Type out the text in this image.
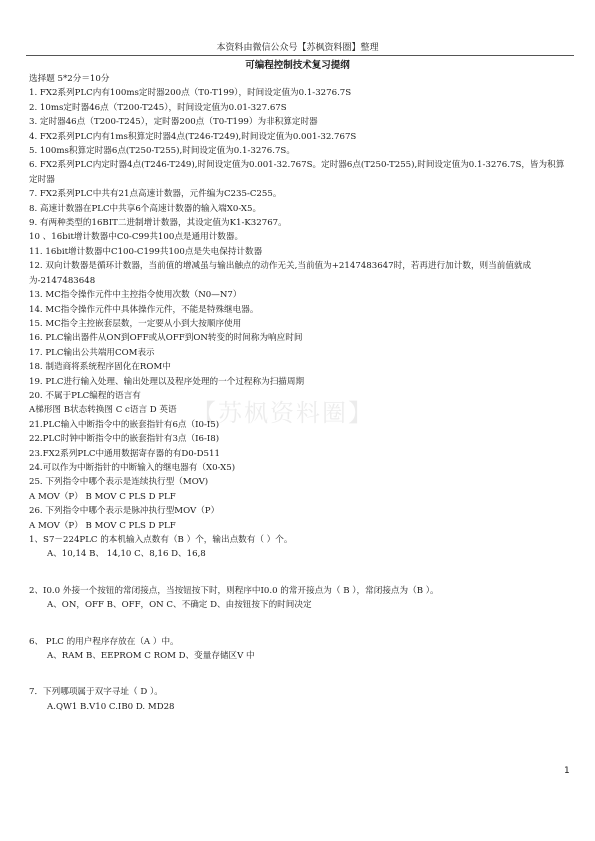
本资料由微信公众号【苏枫资料圈】整理
可编程控制技术复习提纲
【苏枫资料圈】
选择题 5*2分＝10分
1. FX2系列PLC内有100ms定时器200点（T0-T199），时间设定值为0.1-3276.7S
2. 10ms定时器46点（T200-T245），时间设定值为0.01-327.67S
3. 定时器46点（T200-T245），定时器200点（T0-T199）为非积算定时器
4. FX2系列PLC内有1ms积算定时器4点(T246-T249),时间设定值为0.001-32.767S
5. 100ms积算定时器6点(T250-T255),时间设定值为0.1-3276.7S。
6. FX2系列PLC内定时器4点(T246-T249),时间设定值为0.001-32.767S。定时器6点(T250-T255),时间设定值为0.1-3276.7S，皆为积算定时器
7. FX2系列PLC中共有21点高速计数器，元件编为C235-C255。
8. 高速计数器在PLC中共享6个高速计数器的输入端X0-X5。
9. 有两种类型的16BIT二进制增计数器，其设定值为K1-K32767。
10 、16bit增计数器中C0-C99共100点是通用计数器。
11. 16bit增计数器中C100-C199共100点是失电保持计数器
12. 双向计数器是循环计数器，当前值的增减虽与输出触点的动作无关,当前值为+2147483647时，若再进行加计数，则当前值就成为-2147483648
13. MC指令操作元件中主控指令使用次数（N0—N7）
14. MC指令操作元件中具体操作元件，不能是特殊继电器。
15. MC指令主控嵌套层数，一定要从小到大按顺序使用
16. PLC输出器件从ON到OFF或从OFF到ON转变的时间称为响应时间
17. PLC输出公共端用COM表示
18. 制造商将系统程序固化在ROM中
19. PLC进行输入处理、输出处理以及程序处理的一个过程称为扫描周期
20. 不属于PLC编程的语言有
A梯形图 B状态转换图 C c语言 D 英语
21.PLC输入中断指令中的嵌套指针有6点（I0-I5)
22.PLC时钟中断指令中的嵌套指针有3点（I6-I8)
23.FX2系列PLC中通用数据寄存器的有D0-D511
24.可以作为中断指针的中断输入的继电器有（X0-X5)
25. 下列指令中哪个表示是连续执行型（MOV)
A MOV（P） B MOV C PLS D PLF
26. 下列指令中哪个表示是脉冲执行型MOV（P）
A MOV（P） B MOV C PLS D PLF
1、S7－224PLC 的本机输入点数有（B ）个，输出点数有（ ）个。
A、10,14 B、 14,10 C、8,16 D、16,8
2、I0.0 外接一个按钮的常闭接点，当按钮按下时，则程序中I0.0 的常开接点为（ B ），常闭接点为（B ）。
A、ON，OFF B、OFF，ON C、不确定 D、由按钮按下的时间决定
6、 PLC 的用户程序存放在（A ）中。
A、RAM B、EEPROM C ROM D、变量存储区V 中
7．下列哪项属于双字寻址（ D ）。
A.QW1 B.V10 C.IB0 D. MD28
1
